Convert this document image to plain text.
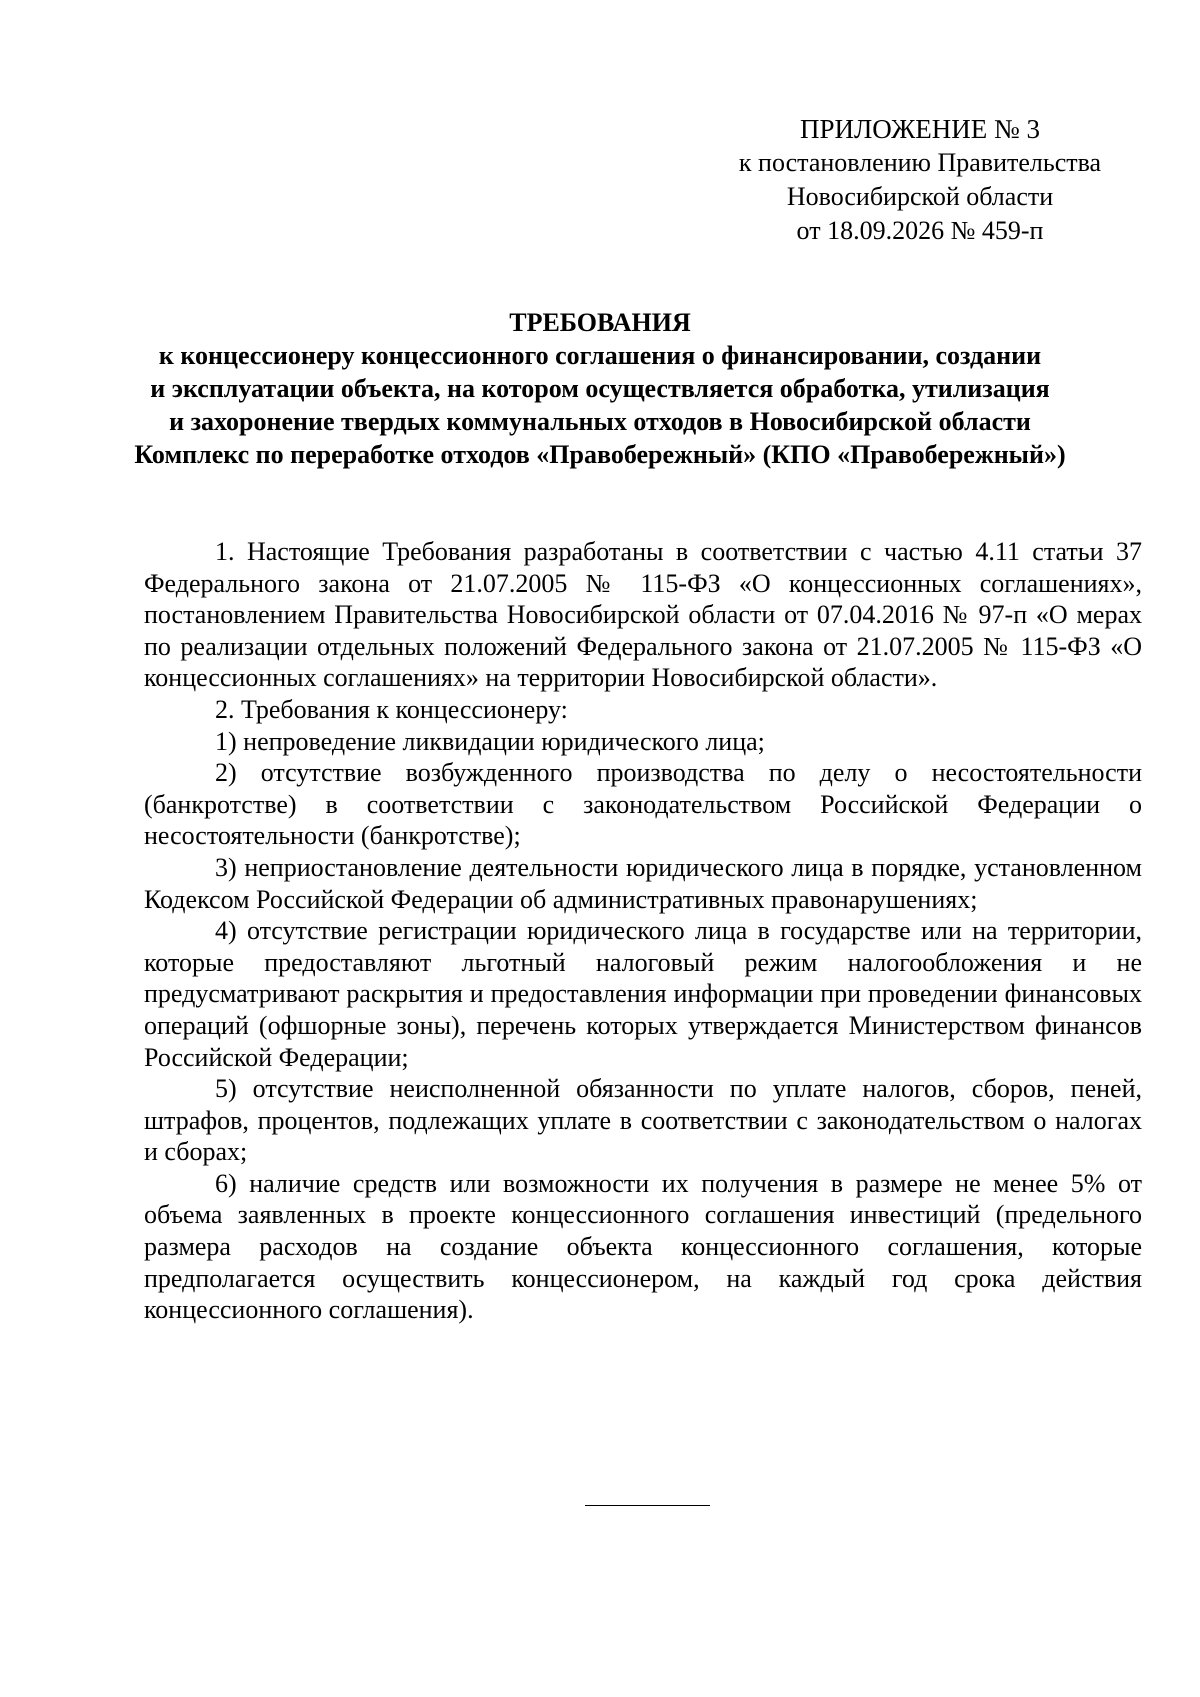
ПРИЛОЖЕНИЕ № 3
к постановлению Правительства
Новосибирской области
от 18.09.2026 № 459-п
ТРЕБОВАНИЯ
к концессионеру концессионного соглашения о финансировании, создании
и эксплуатации объекта, на котором осуществляется обработка, утилизация
и захоронение твердых коммунальных отходов в Новосибирской области
Комплекс по переработке отходов «Правобережный» (КПО «Правобережный»)

1. Настоящие Требования разработаны в соответствии с частью 4.11 статьи 37 Федерального закона от 21.07.2005 № 115-ФЗ «О концессионных соглашениях», постановлением Правительства Новосибирской области от 07.04.2016 № 97-п «О мерах по реализации отдельных положений Федерального закона от 21.07.2005 № 115-ФЗ «О концессионных соглашениях» на территории Новосибирской области».

2. Требования к концессионеру:

1) непроведение ликвидации юридического лица;

2) отсутствие возбужденного производства по делу о несостоятельности (банкротстве) в соответствии с законодательством Российской Федерации о несостоятельности (банкротстве);

3) неприостановление деятельности юридического лица в порядке, установленном Кодексом Российской Федерации об административных правонарушениях;

4) отсутствие регистрации юридического лица в государстве или на территории, которые предоставляют льготный налоговый режим налогообложения и не предусматривают раскрытия и предоставления информации при проведении финансовых операций (офшорные зоны), перечень которых утверждается Министерством финансов Российской Федерации;

5) отсутствие неисполненной обязанности по уплате налогов, сборов, пеней, штрафов, процентов, подлежащих уплате в соответствии с законодательством о налогах и сборах;

6) наличие средств или возможности их получения в размере не менее 5% от объема заявленных в проекте концессионного соглашения инвестиций (предельного размера расходов на создание объекта концессионного соглашения, которые предполагается осуществить концессионером, на каждый год срока действия концессионного соглашения).
